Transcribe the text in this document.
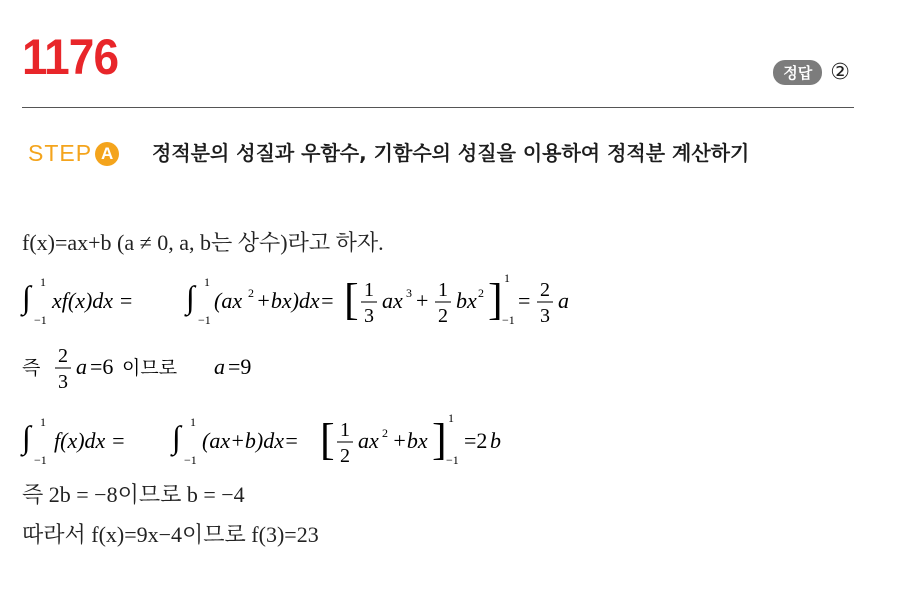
1176	정답 ②
STEP A 정적분의 성질과 우함수, 기함수의 성질을 이용하여 정적분 계산하기
f(x)=ax+b (a ≠ 0, a, b는 상수)라고 하자.
∫ 1
−1
xf(x)dx = ∫ 1
−1
(ax 2 +bx)dx= [ 1
3
ax 3 + 1
2
bx 2 ] 1
−1
= 2
3
a
즉
2
3
a =6 이므로 a =9
∫ 1
−1
f(x)dx = ∫ 1
−1
(ax+b)dx= [ 1
2
ax 2 +bx ] 1
−1
=2 b
즉 2b = −8이므로 b = −4
따라서 f(x)=9x−4이므로 f(3)=23
